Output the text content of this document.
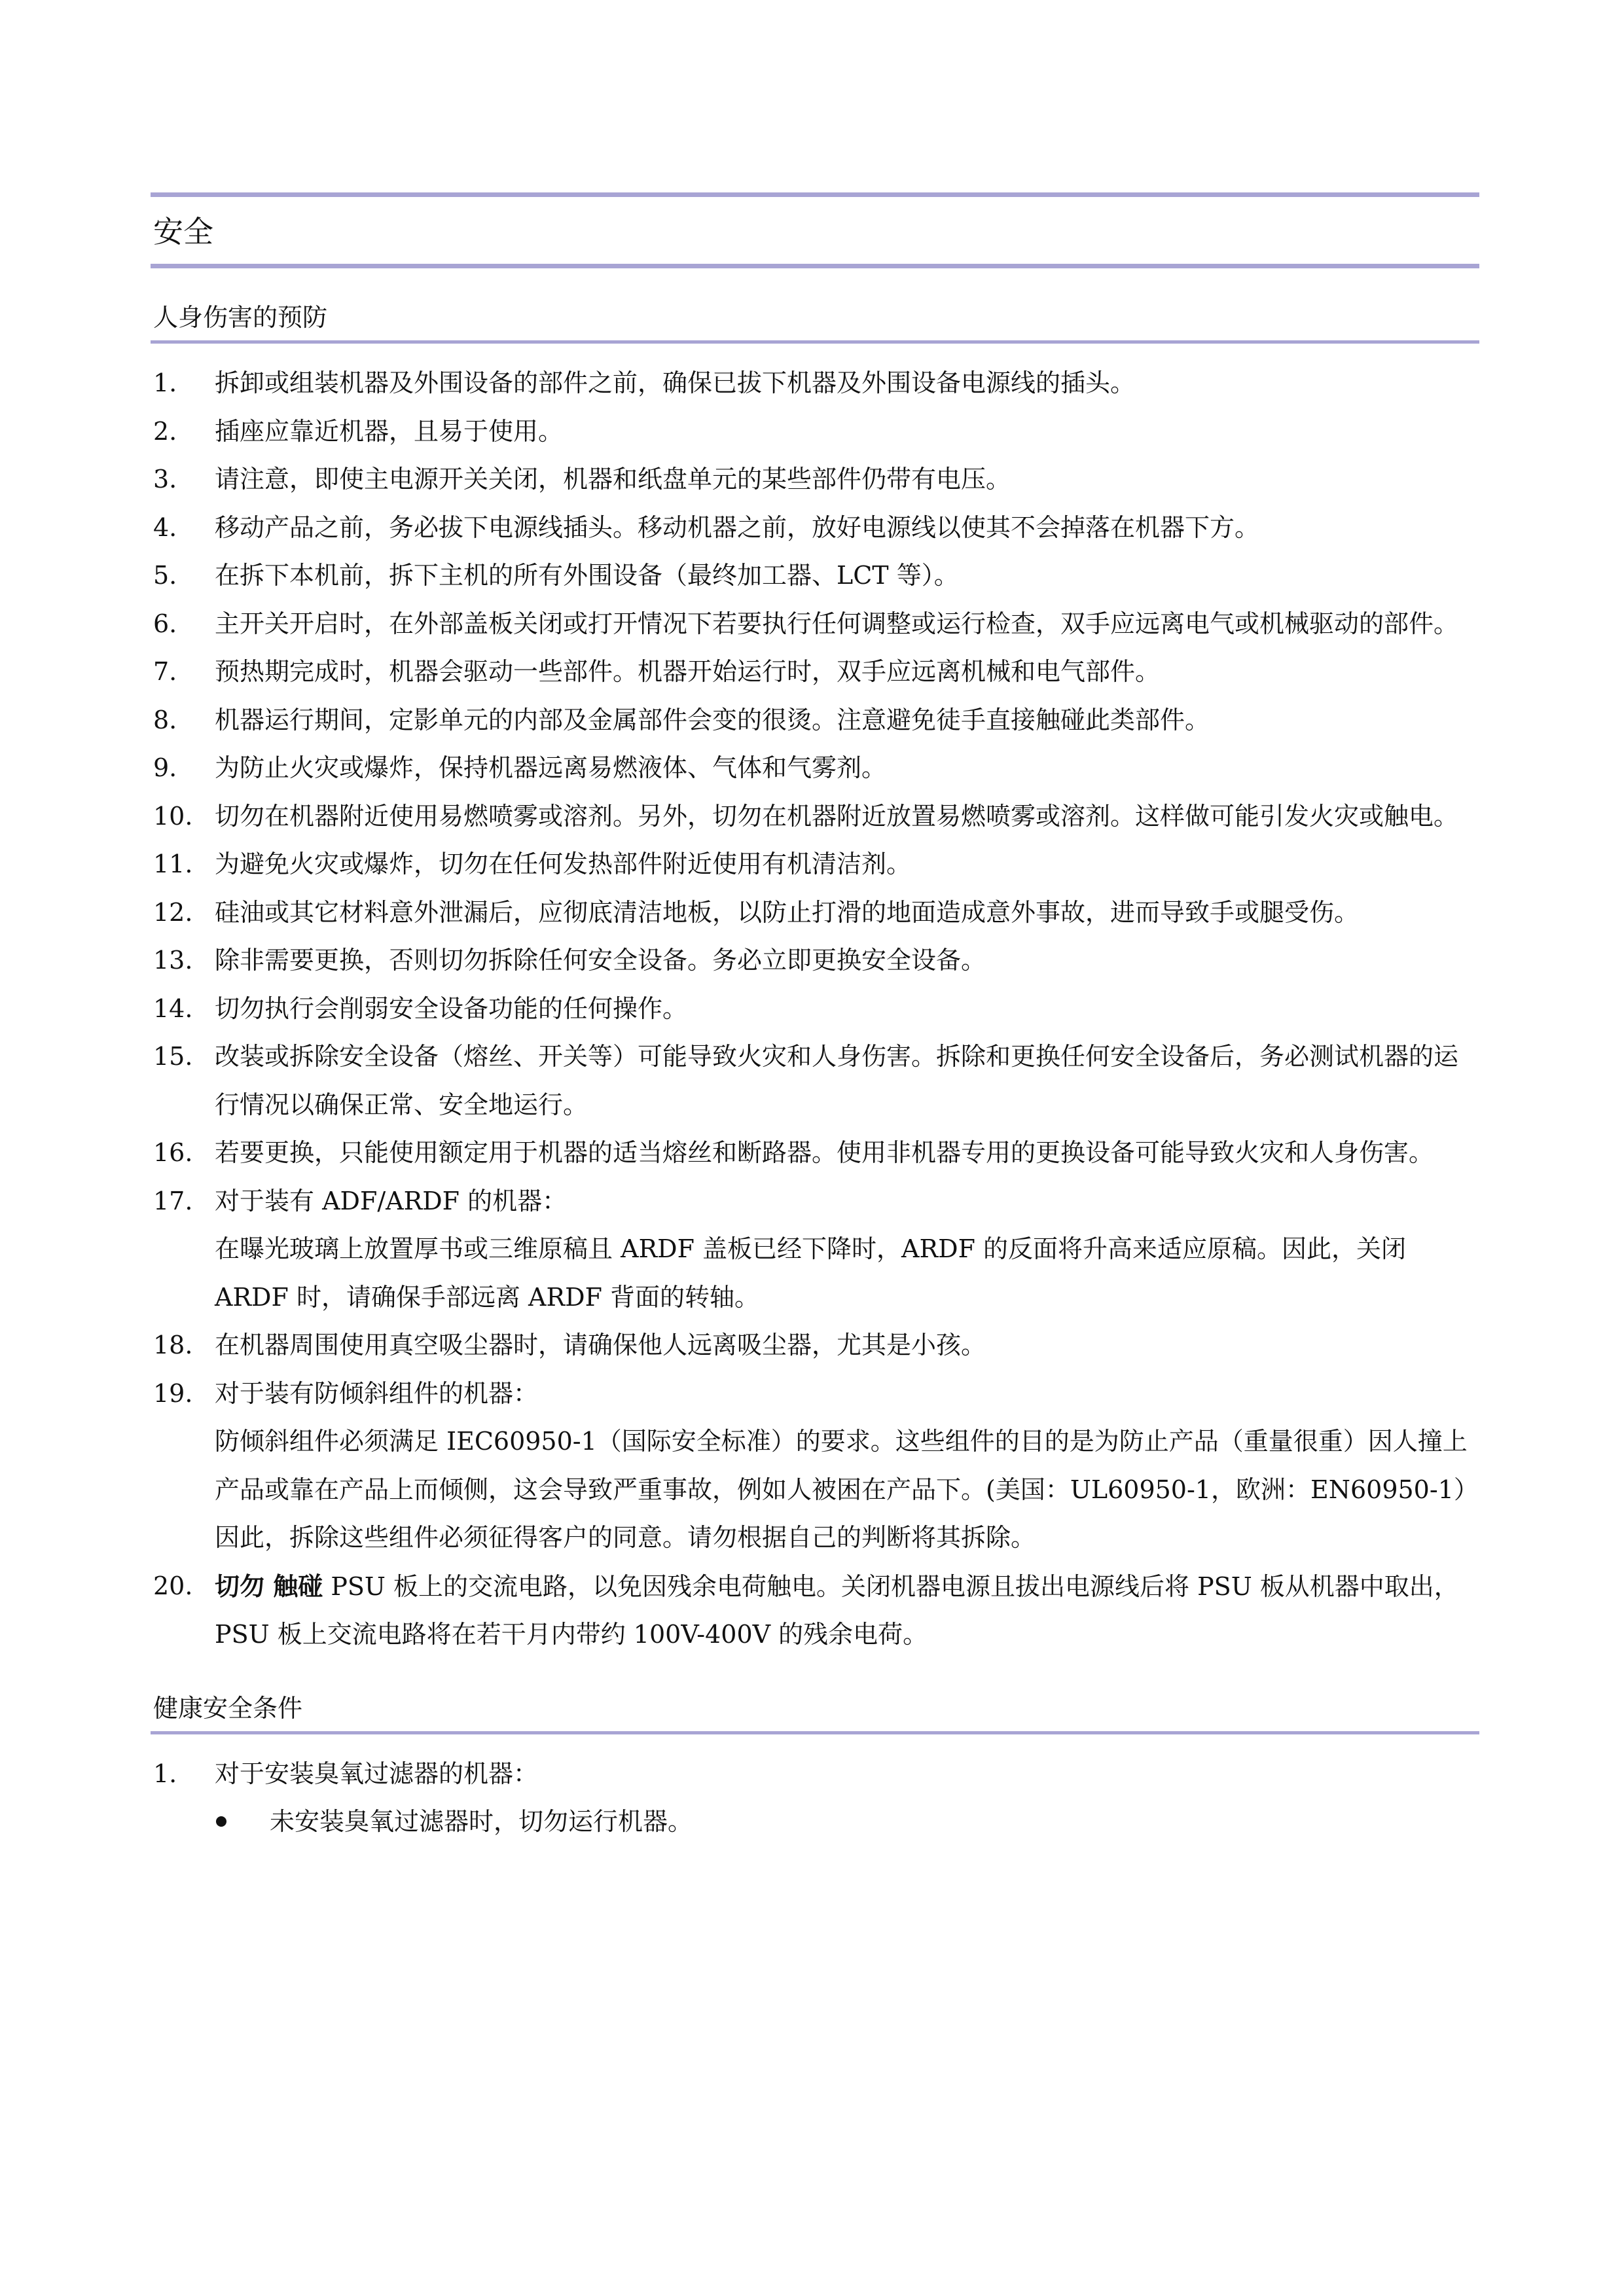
安全
人身伤害的预防
1. 拆卸或组装机器及外围设备的部件之前，确保已拔下机器及外围设备电源线的插头。
2. 插座应靠近机器，且易于使用。
3. 请注意，即使主电源开关关闭，机器和纸盘单元的某些部件仍带有电压。
4. 移动产品之前，务必拔下电源线插头。移动机器之前，放好电源线以使其不会掉落在机器下方。
5. 在拆下本机前，拆下主机的所有外围设备（最终加工器、LCT 等）。
6. 主开关开启时，在外部盖板关闭或打开情况下若要执行任何调整或运行检查，双手应远离电气或机械驱动的部件。
7. 预热期完成时，机器会驱动一些部件。机器开始运行时，双手应远离机械和电气部件。
8. 机器运行期间，定影单元的内部及金属部件会变的很烫。注意避免徒手直接触碰此类部件。
9. 为防止火灾或爆炸，保持机器远离易燃液体、气体和气雾剂。
10. 切勿在机器附近使用易燃喷雾或溶剂。另外，切勿在机器附近放置易燃喷雾或溶剂。这样做可能引发火灾或触电。
11. 为避免火灾或爆炸，切勿在任何发热部件附近使用有机清洁剂。
12. 硅油或其它材料意外泄漏后，应彻底清洁地板，以防止打滑的地面造成意外事故，进而导致手或腿受伤。
13. 除非需要更换，否则切勿拆除任何安全设备。务必立即更换安全设备。
14. 切勿执行会削弱安全设备功能的任何操作。
15. 改装或拆除安全设备（熔丝、开关等）可能导致火灾和人身伤害。拆除和更换任何安全设备后，务必测试机器的运行情况以确保正常、安全地运行。
16. 若要更换，只能使用额定用于机器的适当熔丝和断路器。使用非机器专用的更换设备可能导致火灾和人身伤害。
17. 对于装有 ADF/ARDF 的机器：
在曝光玻璃上放置厚书或三维原稿且 ARDF 盖板已经下降时，ARDF 的反面将升高来适应原稿。因此，关闭 ARDF 时，请确保手部远离 ARDF 背面的转轴。
18. 在机器周围使用真空吸尘器时，请确保他人远离吸尘器，尤其是小孩。
19. 对于装有防倾斜组件的机器：
防倾斜组件必须满足 IEC60950-1（国际安全标准）的要求。这些组件的目的是为防止产品（重量很重）因人撞上产品或靠在产品上而倾侧，这会导致严重事故，例如人被困在产品下。(美国：UL60950-1，欧洲：EN60950-1） 因此，拆除这些组件必须征得客户的同意。请勿根据自己的判断将其拆除。
20. 切勿 触碰 PSU 板上的交流电路，以免因残余电荷触电。关闭机器电源且拔出电源线后将 PSU 板从机器中取出，PSU 板上交流电路将在若干月内带约 100V-400V 的残余电荷。
健康安全条件
1. 对于安装臭氧过滤器的机器：
未安装臭氧过滤器时，切勿运行机器。
